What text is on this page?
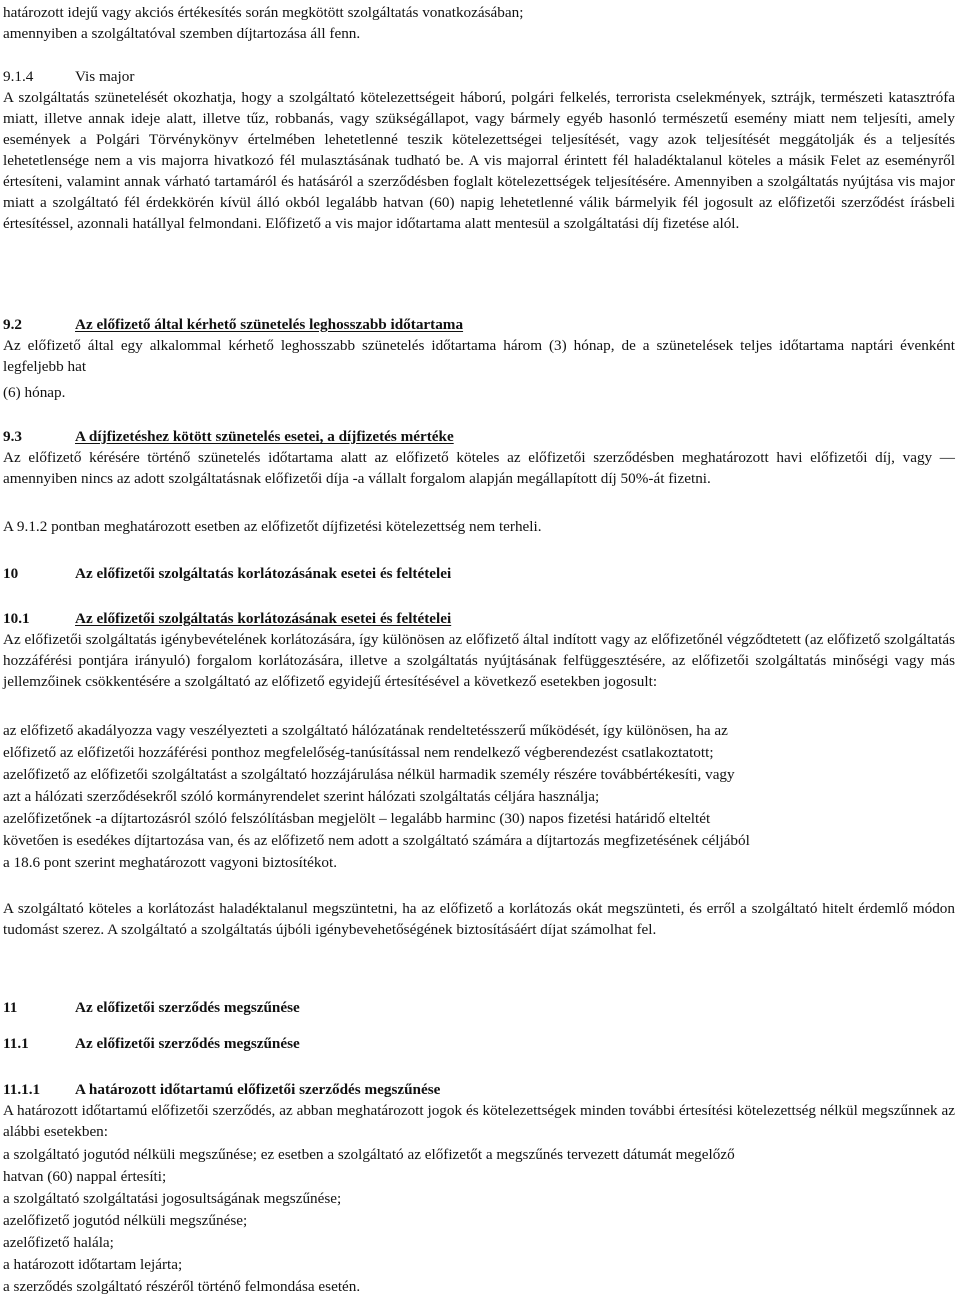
határozott idejű vagy akciós értékesítés során megkötött szolgáltatás vonatkozásában;

amennyiben a szolgáltatóval szemben díjtartozása áll fenn.

9.1.4	Vis major

A szolgáltatás szünetelését okozhatja, hogy a szolgáltató kötelezettségeit háború, polgári felkelés, terrorista cselekmények, sztrájk, természeti katasztrófa miatt, illetve annak ideje alatt, illetve tűz, robbanás, vagy szükségállapot, vagy bármely egyéb hasonló természetű esemény miatt nem teljesíti, amely események a Polgári Törvénykönyv értelmében lehetetlenné teszik kötelezettségei teljesítését, vagy azok teljesítését meggátolják és a teljesítés lehetetlensége nem a vis majorra hivatkozó fél mulasztásának tudható be. A vis majorral érintett fél haladéktalanul köteles a másik Felet az eseményről értesíteni, valamint annak várható tartamáról és hatásáról a szerződésben foglalt kötelezettségek teljesítésére. Amennyiben a szolgáltatás nyújtása vis major miatt a szolgáltató fél érdekkörén kívül álló okból legalább hatvan (60) napig lehetetlenné válik bármelyik fél jogosult az előfizetői szerződést írásbeli értesítéssel, azonnali hatállyal felmondani. Előfizető a vis major időtartama alatt mentesül a szolgáltatási díj fizetése alól.

9.2	Az előfizető által kérhető szünetelés leghosszabb időtartama

Az előfizető által egy alkalommal kérhető leghosszabb szünetelés időtartama három (3) hónap, de a szünetelések teljes időtartama naptári évenként legfeljebb hat

(6) hónap.

9.3	A díjfizetéshez kötött szünetelés esetei, a díjfizetés mértéke

Az előfizető kérésére történő szünetelés időtartama alatt az előfizető köteles az előfizetői szerződésben meghatározott havi előfizetői díj, vagy — amennyiben nincs az adott szolgáltatásnak előfizetői díja -a vállalt forgalom alapján megállapított díj 50%-át fizetni.

A 9.1.2 pontban meghatározott esetben az előfizetőt díjfizetési kötelezettség nem terheli.

10	Az előfizetői szolgáltatás korlátozásának esetei és feltételei

10.1	Az előfizetői szolgáltatás korlátozásának esetei és feltételei

Az előfizetői szolgáltatás igénybevételének korlátozására, így különösen az előfizető által indított vagy az előfizetőnél végződtetett (az előfizető szolgáltatás hozzáférési pontjára irányuló) forgalom korlátozására, illetve a szolgáltatás nyújtásának felfüggesztésére, az előfizetői szolgáltatás minőségi vagy más jellemzőinek csökkentésére a szolgáltató az előfizető egyidejű értesítésével a következő esetekben jogosult:

az előfizető akadályozza vagy veszélyezteti a szolgáltató hálózatának rendeltetésszerű működését, így különösen, ha az

előfizető az előfizetői hozzáférési ponthoz megfelelőség-tanúsítással nem rendelkező végberendezést csatlakoztatott;

azelőfizető az előfizetői szolgáltatást a szolgáltató hozzájárulása nélkül harmadik személy részére továbbértékesíti, vagy

azt a hálózati szerződésekről szóló kormányrendelet szerint hálózati szolgáltatás céljára használja;

azelőfizetőnek -a díjtartozásról szóló felszólításban megjelölt – legalább harminc (30) napos fizetési határidő elteltét

követően is esedékes díjtartozása van, és az előfizető nem adott a szolgáltató számára a díjtartozás megfizetésének céljából

a 18.6 pont szerint meghatározott vagyoni biztosítékot.

A szolgáltató köteles a korlátozást haladéktalanul megszüntetni, ha az előfizető a korlátozás okát megszünteti, és erről a szolgáltató hitelt érdemlő módon tudomást szerez. A szolgáltató a szolgáltatás újbóli igénybevehetőségének biztosításáért díjat számolhat fel.

11	Az előfizetői szerződés megszűnése

11.1	Az előfizetői szerződés megszűnése

11.1.1 A határozott időtartamú előfizetői szerződés megszűnése

A határozott időtartamú előfizetői szerződés, az abban meghatározott jogok és kötelezettségek minden további értesítési kötelezettség nélkül megszűnnek az alábbi esetekben:

a szolgáltató jogutód nélküli megszűnése; ez esetben a szolgáltató az előfizetőt a megszűnés tervezett dátumát megelőző

hatvan (60) nappal értesíti;

a szolgáltató szolgáltatási jogosultságának megszűnése;

azelőfizető jogutód nélküli megszűnése;

azelőfizető halála;

a határozott időtartam lejárta;

a szerződés szolgáltató részéről történő felmondása esetén.
